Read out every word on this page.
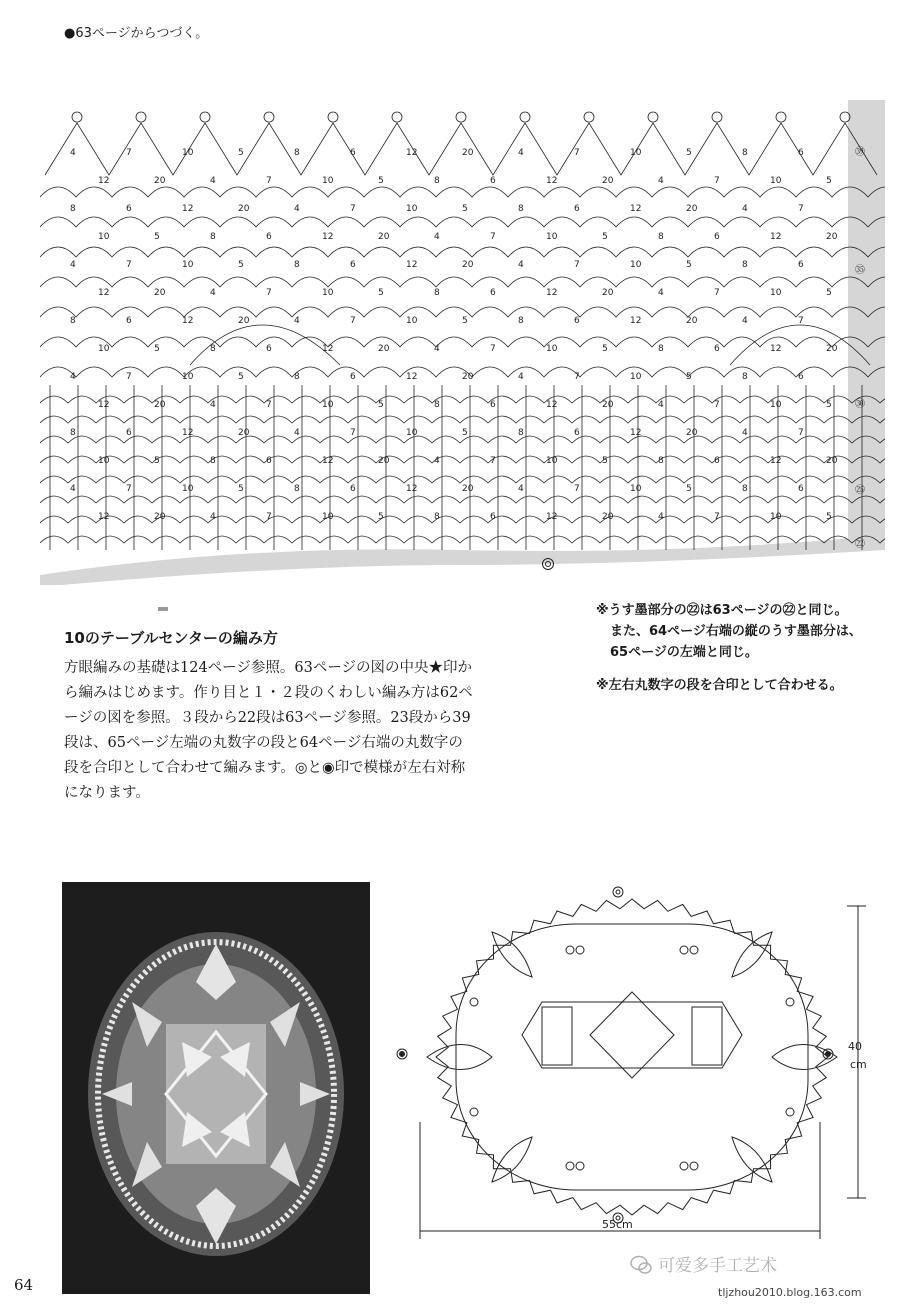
●63ページからつづく。
4	7	10	5	8	6	12	20	4	7	10	5	8	6
12	20	4	7	10	5	8	6	12	20	4	7	10	5
8	6	12	20	4	7	10	5	8	6	12	20	4	7
10	5	8	6	12	20	4	7	10	5	8	6	12	20
4	7	10	5	8	6	12	20	4	7	10	5	8	6
12	20	4	7	10	5	8	6	12	20	4	7	10	5
8	6	12	20	4	7	10	5	8	6	12	20	4	7
10	5	8	6	12	20	4	7	10	5	8	6	12	20
4	7	10	5	8	6	12	20	4	7	10	5	8	6
12	20	4	7	10	5	8	6	12	20	4	7	10	5
8	6	12	20	4	7	10	5	8	6	12	20	4	7
10	5	8	6	12	20	4	7	10	5	8	6	12	20
4	7	10	5	8	6	12	20	4	7	10	5	8	6
12	20	4	7	10	5	8	6	12	20	4	7	10	5
㊴
㉟
㉚
㉕
㉒
10のテーブルセンターの編み方
方眼編みの基礎は124ページ参照。63ページの図の中央★印から編みはじめます。作り目と１・２段のくわしい編み方は62ページの図を参照。３段から22段は63ページ参照。23段から39段は、65ページ左端の丸数字の段と64ページ右端の丸数字の段を合印として合わせて編みます。◎と◉印で模様が左右対称になります。

※うす墨部分の㉒は63ページの㉒と同じ。

また、64ページ右端の縦のうす墨部分は、

65ページの左端と同じ。

※左右丸数字の段を合印として合わせる。

40
cm
55cm
64
可爱多手工艺术
tljzhou2010.blog.163.com
